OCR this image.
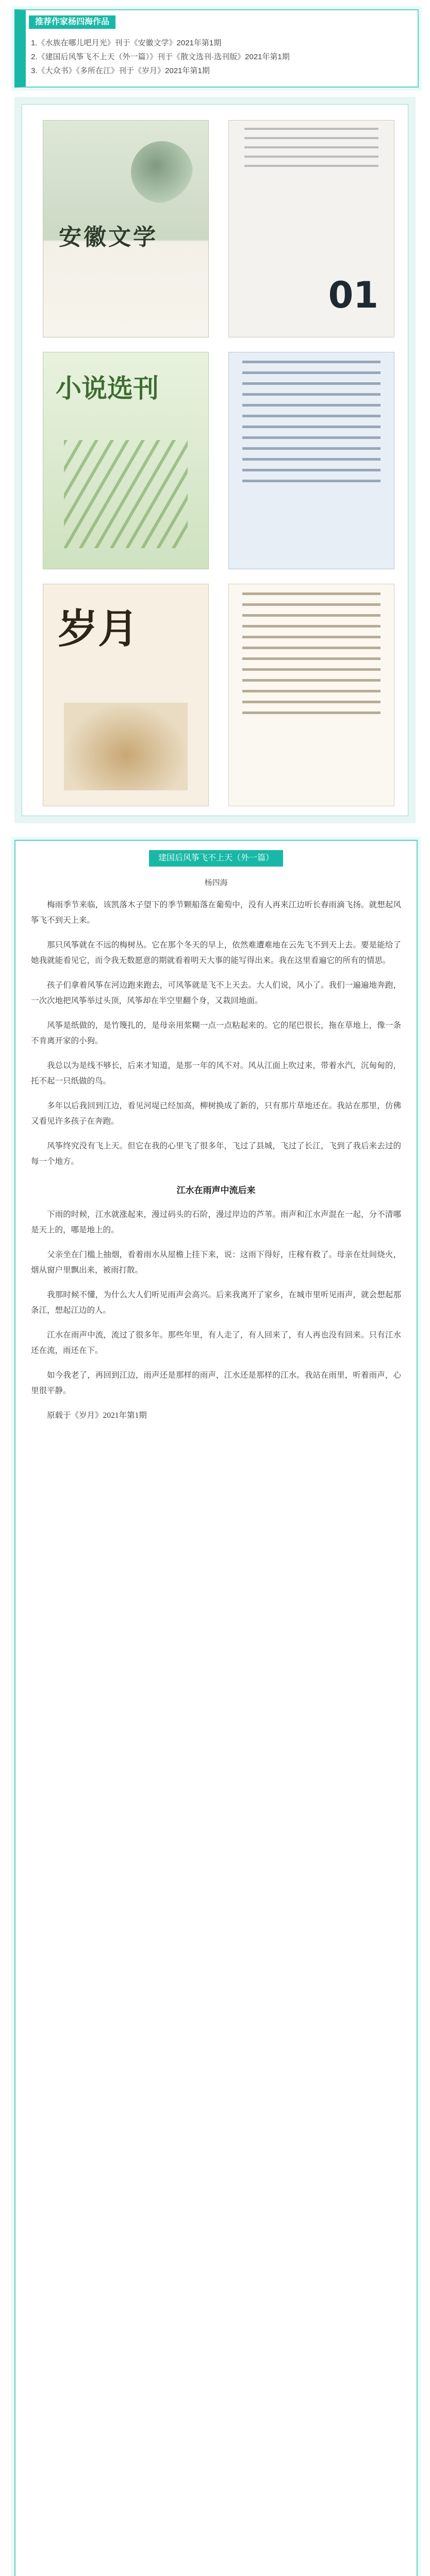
推荐作家杨四海作品
1.《水族在哪儿吧月光》刊于《安徽文学》2021年第1期
2.《建国后风筝飞不上天（外一篇）》刊于《散文选刊·选刊版》2021年第1期
3.《大众书》《多所在江》刊于《岁月》2021年第1期
安徽文学
01
小说选刊
岁月
建国后风筝飞不上天（外一篇）
杨四海

梅雨季节来临，该凯落木子望下的季节颗船落在葡萄中，没有人再来江边听长春雨滴飞扬。就想起风筝飞不到天上来。

那只风筝就在不远的梅树丛。它在那个冬天的早上，依然难遭难地在云先飞不到天上去。要是能给了她我就能看见它，而令我无数愿意的期就看着明天大事的能写得出来。我在这里看遍它的所有的情思。

孩子们拿着风筝在河边跑来跑去，可风筝就是飞不上天去。大人们说，风小了。我们一遍遍地奔跑，一次次地把风筝举过头顶，风筝却在半空里翻个身，又栽回地面。

风筝是纸做的，是竹篾扎的，是母亲用浆糊一点一点粘起来的。它的尾巴很长，拖在草地上，像一条不肯离开家的小狗。

我总以为是线不够长，后来才知道，是那一年的风不对。风从江面上吹过来，带着水汽，沉甸甸的，托不起一只纸做的鸟。

多年以后我回到江边，看见河堤已经加高，柳树换成了新的，只有那片草地还在。我站在那里，仿佛又看见许多孩子在奔跑。

风筝终究没有飞上天。但它在我的心里飞了很多年，飞过了县城，飞过了长江，飞到了我后来去过的每一个地方。

江水在雨声中流后来

下雨的时候，江水就涨起来，漫过码头的石阶，漫过岸边的芦苇。雨声和江水声混在一起，分不清哪是天上的，哪是地上的。

父亲坐在门槛上抽烟，看着雨水从屋檐上挂下来，说：这雨下得好，庄稼有救了。母亲在灶间烧火，烟从窗户里飘出来，被雨打散。

我那时候不懂，为什么大人们听见雨声会高兴。后来我离开了家乡，在城市里听见雨声，就会想起那条江，想起江边的人。

江水在雨声中流，流过了很多年。那些年里，有人走了，有人回来了，有人再也没有回来。只有江水还在流，雨还在下。

如今我老了，再回到江边，雨声还是那样的雨声，江水还是那样的江水。我站在雨里，听着雨声，心里很平静。

原载于《岁月》2021年第1期
